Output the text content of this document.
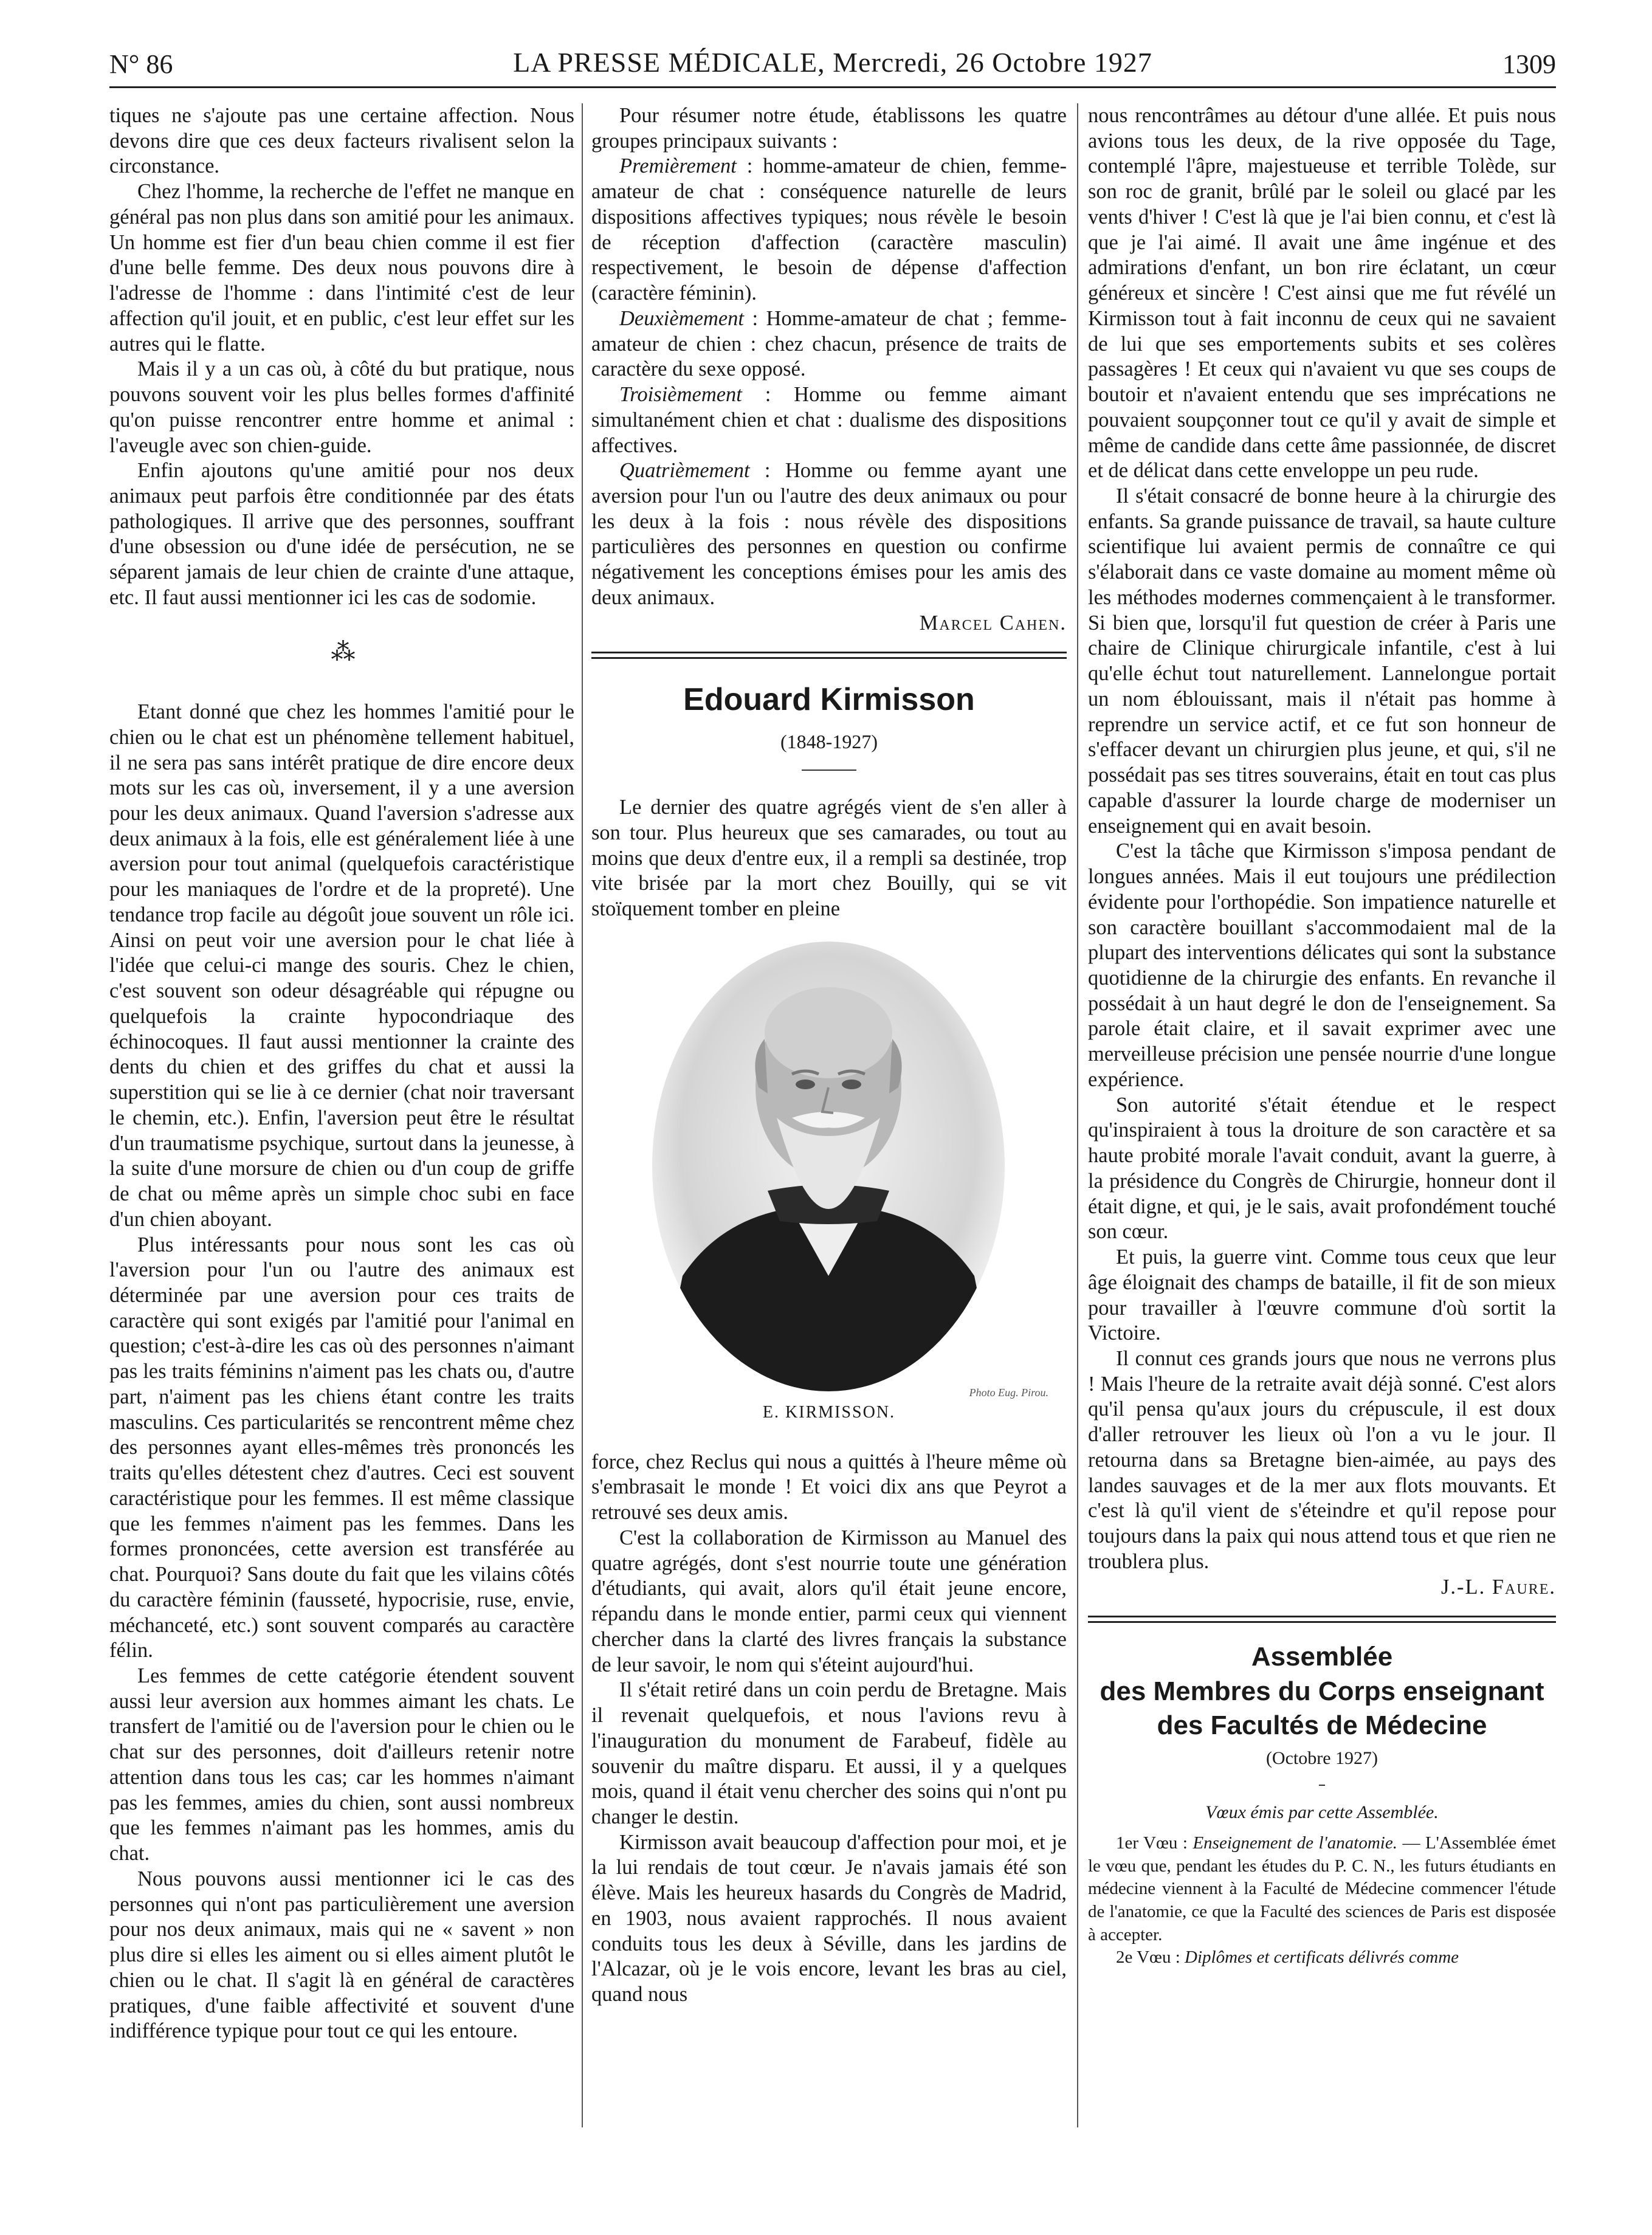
N° 86	LA PRESSE MÉDICALE, Mercredi, 26 Octobre 1927	1309

tiques ne s'ajoute pas une certaine affection. Nous devons dire que ces deux facteurs rivalisent selon la circonstance.

Chez l'homme, la recherche de l'effet ne manque en général pas non plus dans son amitié pour les animaux. Un homme est fier d'un beau chien comme il est fier d'une belle femme. Des deux nous pouvons dire à l'adresse de l'homme : dans l'intimité c'est de leur affection qu'il jouit, et en public, c'est leur effet sur les autres qui le flatte.

Mais il y a un cas où, à côté du but pratique, nous pouvons souvent voir les plus belles formes d'affinité qu'on puisse rencontrer entre homme et animal : l'aveugle avec son chien-guide.

Enfin ajoutons qu'une amitié pour nos deux animaux peut parfois être conditionnée par des états pathologiques. Il arrive que des personnes, souffrant d'une obsession ou d'une idée de persécution, ne se séparent jamais de leur chien de crainte d'une attaque, etc. Il faut aussi mentionner ici les cas de sodomie.

⁂

Etant donné que chez les hommes l'amitié pour le chien ou le chat est un phénomène tellement habituel, il ne sera pas sans intérêt pratique de dire encore deux mots sur les cas où, inversement, il y a une aversion pour les deux animaux. Quand l'aversion s'adresse aux deux animaux à la fois, elle est généralement liée à une aversion pour tout animal (quelquefois caractéristique pour les maniaques de l'ordre et de la propreté). Une tendance trop facile au dégoût joue souvent un rôle ici. Ainsi on peut voir une aversion pour le chat liée à l'idée que celui-ci mange des souris. Chez le chien, c'est souvent son odeur désagréable qui répugne ou quelquefois la crainte hypocondriaque des échinocoques. Il faut aussi mentionner la crainte des dents du chien et des griffes du chat et aussi la superstition qui se lie à ce dernier (chat noir traversant le chemin, etc.). Enfin, l'aversion peut être le résultat d'un traumatisme psychique, surtout dans la jeunesse, à la suite d'une morsure de chien ou d'un coup de griffe de chat ou même après un simple choc subi en face d'un chien aboyant.

Plus intéressants pour nous sont les cas où l'aversion pour l'un ou l'autre des animaux est déterminée par une aversion pour ces traits de caractère qui sont exigés par l'amitié pour l'animal en question; c'est-à-dire les cas où des personnes n'aimant pas les traits féminins n'aiment pas les chats ou, d'autre part, n'aiment pas les chiens étant contre les traits masculins. Ces particularités se rencontrent même chez des personnes ayant elles-mêmes très prononcés les traits qu'elles détestent chez d'autres. Ceci est souvent caractéristique pour les femmes. Il est même classique que les femmes n'aiment pas les femmes. Dans les formes prononcées, cette aversion est transférée au chat. Pourquoi? Sans doute du fait que les vilains côtés du caractère féminin (fausseté, hypocrisie, ruse, envie, méchanceté, etc.) sont souvent comparés au caractère félin.

Les femmes de cette catégorie étendent souvent aussi leur aversion aux hommes aimant les chats. Le transfert de l'amitié ou de l'aversion pour le chien ou le chat sur des personnes, doit d'ailleurs retenir notre attention dans tous les cas; car les hommes n'aimant pas les femmes, amies du chien, sont aussi nombreux que les femmes n'aimant pas les hommes, amis du chat.

Nous pouvons aussi mentionner ici le cas des personnes qui n'ont pas particulièrement une aversion pour nos deux animaux, mais qui ne « savent » non plus dire si elles les aiment ou si elles aiment plutôt le chien ou le chat. Il s'agit là en général de caractères pratiques, d'une faible affectivité et souvent d'une indifférence typique pour tout ce qui les entoure.

Pour résumer notre étude, établissons les quatre groupes principaux suivants :

Premièrement : homme-amateur de chien, femme-amateur de chat : conséquence naturelle de leurs dispositions affectives typiques; nous révèle le besoin de réception d'affection (caractère masculin) respectivement, le besoin de dépense d'affection (caractère féminin).

Deuxièmement : Homme-amateur de chat ; femme-amateur de chien : chez chacun, présence de traits de caractère du sexe opposé.

Troisièmement : Homme ou femme aimant simultanément chien et chat : dualisme des dispositions affectives.

Quatrièmement : Homme ou femme ayant une aversion pour l'un ou l'autre des deux animaux ou pour les deux à la fois : nous révèle des dispositions particulières des personnes en question ou confirme négativement les conceptions émises pour les amis des deux animaux.

Marcel Cahen.
Edouard Kirmisson
(1848-1927)

Le dernier des quatre agrégés vient de s'en aller à son tour. Plus heureux que ses camarades, ou tout au moins que deux d'entre eux, il a rempli sa destinée, trop vite brisée par la mort chez Bouilly, qui se vit stoïquement tomber en pleine

Photo Eug. Pirou.
E. KIRMISSON.

force, chez Reclus qui nous a quittés à l'heure même où s'embrasait le monde ! Et voici dix ans que Peyrot a retrouvé ses deux amis.

C'est la collaboration de Kirmisson au Manuel des quatre agrégés, dont s'est nourrie toute une génération d'étudiants, qui avait, alors qu'il était jeune encore, répandu dans le monde entier, parmi ceux qui viennent chercher dans la clarté des livres français la substance de leur savoir, le nom qui s'éteint aujourd'hui.

Il s'était retiré dans un coin perdu de Bretagne. Mais il revenait quelquefois, et nous l'avions revu à l'inauguration du monument de Farabeuf, fidèle au souvenir du maître disparu. Et aussi, il y a quelques mois, quand il était venu chercher des soins qui n'ont pu changer le destin.

Kirmisson avait beaucoup d'affection pour moi, et je la lui rendais de tout cœur. Je n'avais jamais été son élève. Mais les heureux hasards du Congrès de Madrid, en 1903, nous avaient rapprochés. Il nous avaient conduits tous les deux à Séville, dans les jardins de l'Alcazar, où je le vois encore, levant les bras au ciel, quand nous

nous rencontrâmes au détour d'une allée. Et puis nous avions tous les deux, de la rive opposée du Tage, contemplé l'âpre, majestueuse et terrible Tolède, sur son roc de granit, brûlé par le soleil ou glacé par les vents d'hiver ! C'est là que je l'ai bien connu, et c'est là que je l'ai aimé. Il avait une âme ingénue et des admirations d'enfant, un bon rire éclatant, un cœur généreux et sincère ! C'est ainsi que me fut révélé un Kirmisson tout à fait inconnu de ceux qui ne savaient de lui que ses emportements subits et ses colères passagères ! Et ceux qui n'avaient vu que ses coups de boutoir et n'avaient entendu que ses imprécations ne pouvaient soupçonner tout ce qu'il y avait de simple et même de candide dans cette âme passionnée, de discret et de délicat dans cette enveloppe un peu rude.

Il s'était consacré de bonne heure à la chirurgie des enfants. Sa grande puissance de travail, sa haute culture scientifique lui avaient permis de connaître ce qui s'élaborait dans ce vaste domaine au moment même où les méthodes modernes commençaient à le transformer. Si bien que, lorsqu'il fut question de créer à Paris une chaire de Clinique chirurgicale infantile, c'est à lui qu'elle échut tout naturellement. Lannelongue portait un nom éblouissant, mais il n'était pas homme à reprendre un service actif, et ce fut son honneur de s'effacer devant un chirurgien plus jeune, et qui, s'il ne possédait pas ses titres souverains, était en tout cas plus capable d'assurer la lourde charge de moderniser un enseignement qui en avait besoin.

C'est la tâche que Kirmisson s'imposa pendant de longues années. Mais il eut toujours une prédilection évidente pour l'orthopédie. Son impatience naturelle et son caractère bouillant s'accommodaient mal de la plupart des interventions délicates qui sont la substance quotidienne de la chirurgie des enfants. En revanche il possédait à un haut degré le don de l'enseignement. Sa parole était claire, et il savait exprimer avec une merveilleuse précision une pensée nourrie d'une longue expérience.

Son autorité s'était étendue et le respect qu'inspiraient à tous la droiture de son caractère et sa haute probité morale l'avait conduit, avant la guerre, à la présidence du Congrès de Chirurgie, honneur dont il était digne, et qui, je le sais, avait profondément touché son cœur.

Et puis, la guerre vint. Comme tous ceux que leur âge éloignait des champs de bataille, il fit de son mieux pour travailler à l'œuvre commune d'où sortit la Victoire.

Il connut ces grands jours que nous ne verrons plus ! Mais l'heure de la retraite avait déjà sonné. C'est alors qu'il pensa qu'aux jours du crépuscule, il est doux d'aller retrouver les lieux où l'on a vu le jour. Il retourna dans sa Bretagne bien-aimée, au pays des landes sauvages et de la mer aux flots mouvants. Et c'est là qu'il vient de s'éteindre et qu'il repose pour toujours dans la paix qui nous attend tous et que rien ne troublera plus.

J.-L. Faure.
Assemblée
des Membres du Corps enseignant
des Facultés de Médecine
(Octobre 1927)
Vœux émis par cette Assemblée.

1er Vœu : Enseignement de l'anatomie. — L'Assemblée émet le vœu que, pendant les études du P. C. N., les futurs étudiants en médecine viennent à la Faculté de Médecine commencer l'étude de l'anatomie, ce que la Faculté des sciences de Paris est disposée à accepter.

2e Vœu : Diplômes et certificats délivrés comme
